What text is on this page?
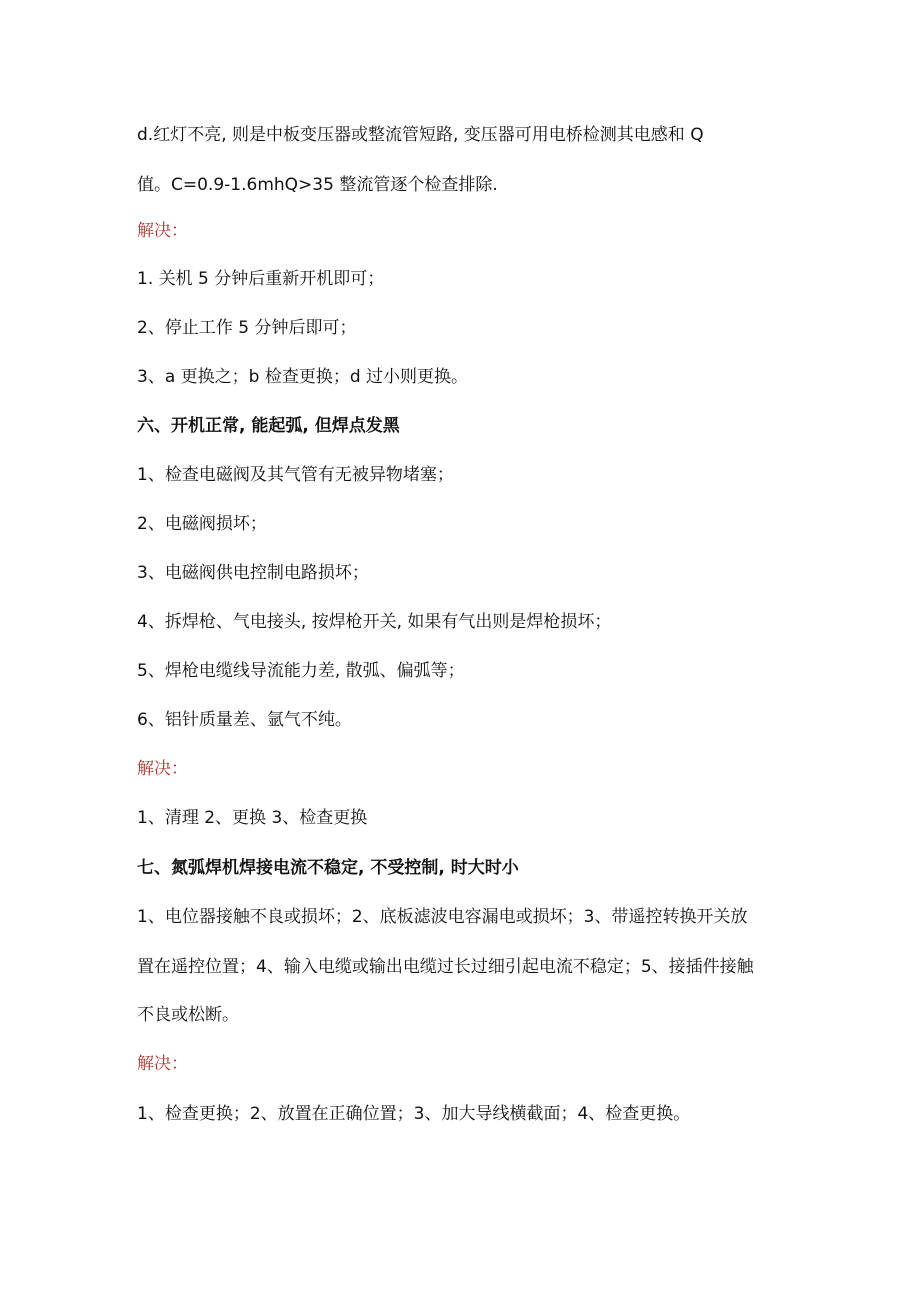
d.红灯不亮, 则是中板变压器或整流管短路, 变压器可用电桥检测其电感和 Q
值。C=0.9-1.6mhQ>35 整流管逐个检查排除.
解决：
1. 关机 5 分钟后重新开机即可；
2、停止工作 5 分钟后即可；
3、a 更换之；b 检查更换；d 过小则更换。
六、开机正常, 能起弧, 但焊点发黑
1、检查电磁阀及其气管有无被异物堵塞；
2、电磁阀损坏；
3、电磁阀供电控制电路损坏；
4、拆焊枪、气电接头, 按焊枪开关, 如果有气出则是焊枪损坏；
5、焊枪电缆线导流能力差, 散弧、偏弧等；
6、铝针质量差、氩气不纯。
解决：
1、清理 2、更换 3、检查更换
七、氮弧焊机焊接电流不稳定, 不受控制, 时大时小
1、电位器接触不良或损坏；2、底板滤波电容漏电或损坏；3、带遥控转换开关放
置在遥控位置；4、输入电缆或输出电缆过长过细引起电流不稳定；5、接插件接触
不良或松断。
解决：
1、检查更换；2、放置在正确位置；3、加大导线横截面；4、检查更换。
